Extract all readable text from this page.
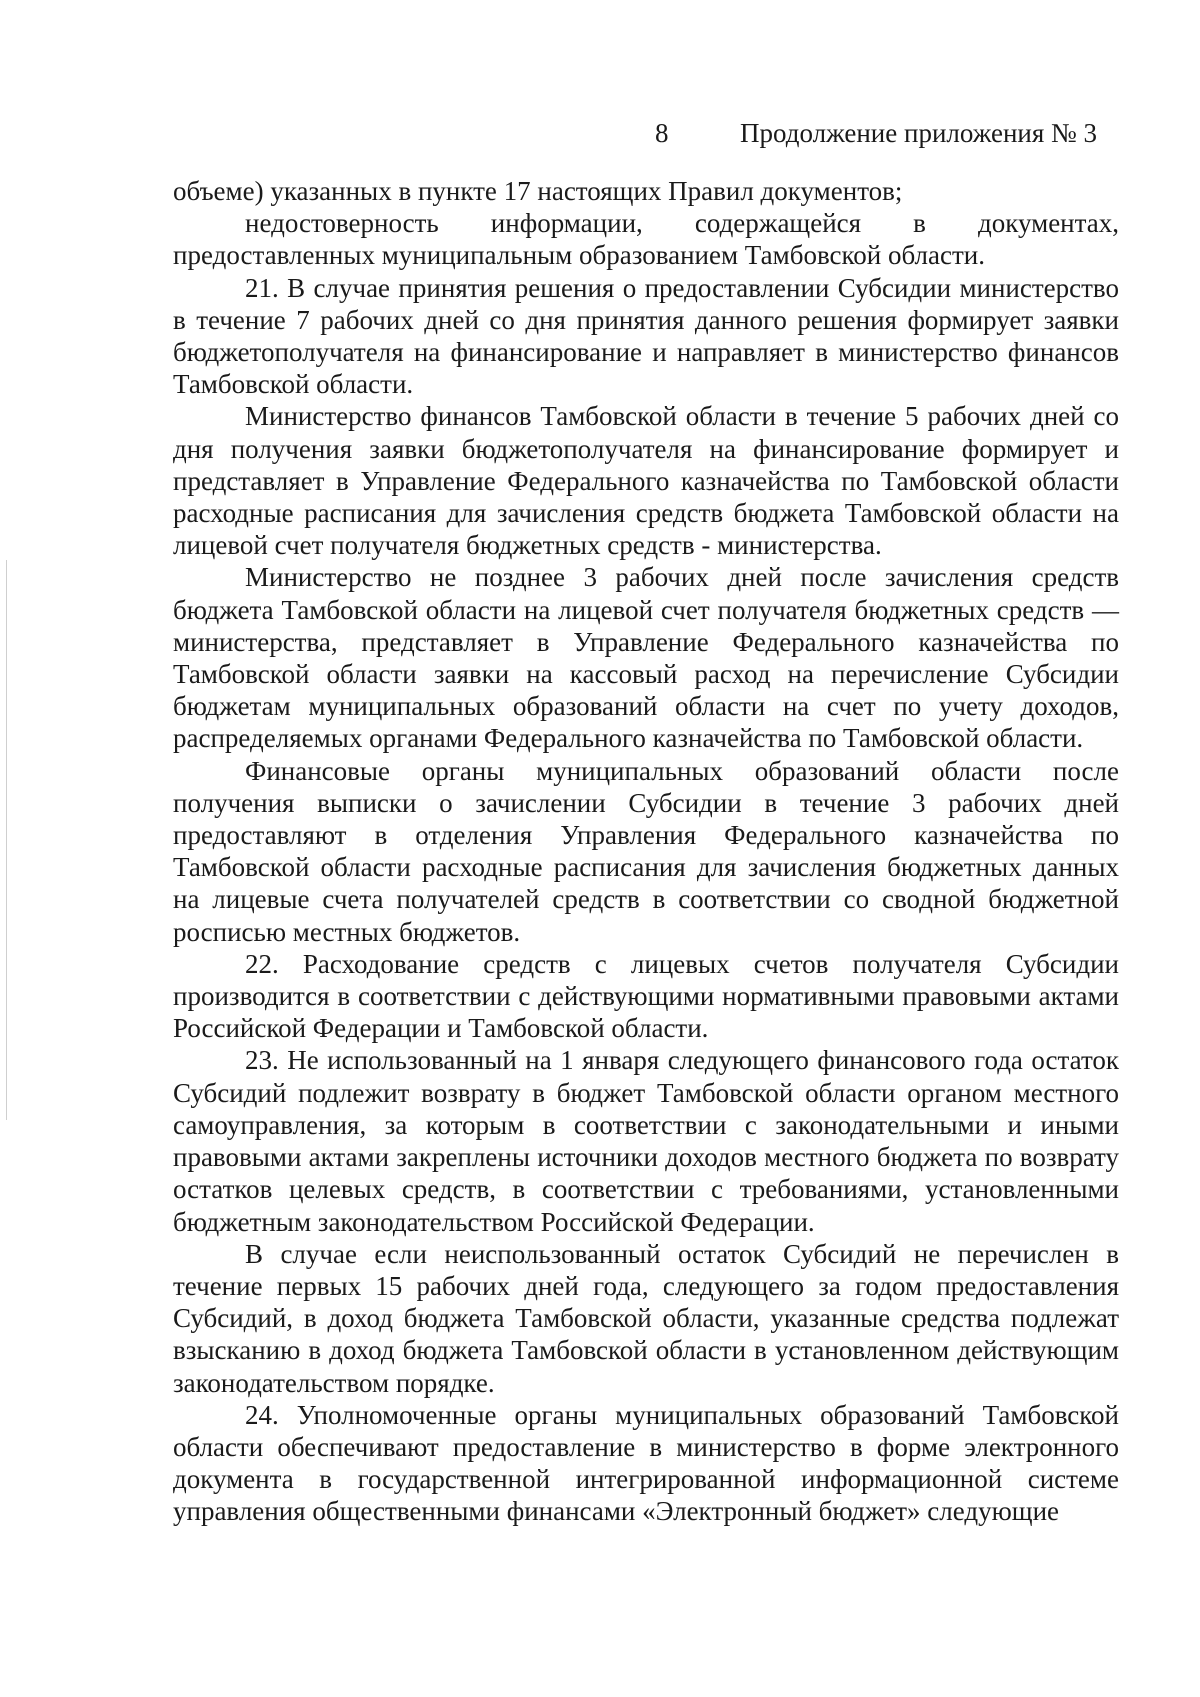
8	Продолжение приложения № 3

объеме) указанных в пункте 17 настоящих Правил документов;

недостоверность информации, содержащейся в документах, предоставленных муниципальным образованием Тамбовской области.

21. В случае принятия решения о предоставлении Субсидии министерство в течение 7 рабочих дней со дня принятия данного решения формирует заявки бюджетополучателя на финансирование и направляет в министерство финансов Тамбовской области.

Министерство финансов Тамбовской области в течение 5 рабочих дней со дня получения заявки бюджетополучателя на финансирование формирует и представляет в Управление Федерального казначейства по Тамбовской области расходные расписания для зачисления средств бюджета Тамбовской области на лицевой счет получателя бюджетных средств - министерства.

Министерство не позднее 3 рабочих дней после зачисления средств бюджета Тамбовской области на лицевой счет получателя бюджетных средств — министерства, представляет в Управление Федерального казначейства по Тамбовской области заявки на кассовый расход на перечисление Субсидии бюджетам муниципальных образований области на счет по учету доходов, распределяемых органами Федерального казначейства по Тамбовской области.

Финансовые органы муниципальных образований области после получения выписки о зачислении Субсидии в течение 3 рабочих дней предоставляют в отделения Управления Федерального казначейства по Тамбовской области расходные расписания для зачисления бюджетных данных на лицевые счета получателей средств в соответствии со сводной бюджетной росписью местных бюджетов.

22. Расходование средств с лицевых счетов получателя Субсидии производится в соответствии с действующими нормативными правовыми актами Российской Федерации и Тамбовской области.

23. Не использованный на 1 января следующего финансового года остаток Субсидий подлежит возврату в бюджет Тамбовской области органом местного самоуправления, за которым в соответствии с законодательными и иными правовыми актами закреплены источники доходов местного бюджета по возврату остатков целевых средств, в соответствии с требованиями, установленными бюджетным законодательством Российской Федерации.

В случае если неиспользованный остаток Субсидий не перечислен в течение первых 15 рабочих дней года, следующего за годом предоставления Субсидий, в доход бюджета Тамбовской области, указанные средства подлежат взысканию в доход бюджета Тамбовской области в установленном действующим законодательством порядке.

24. Уполномоченные органы муниципальных образований Тамбовской области обеспечивают предоставление в министерство в форме электронного документа в государственной интегрированной информационной системе управления общественными финансами «Электронный бюджет» следующие
